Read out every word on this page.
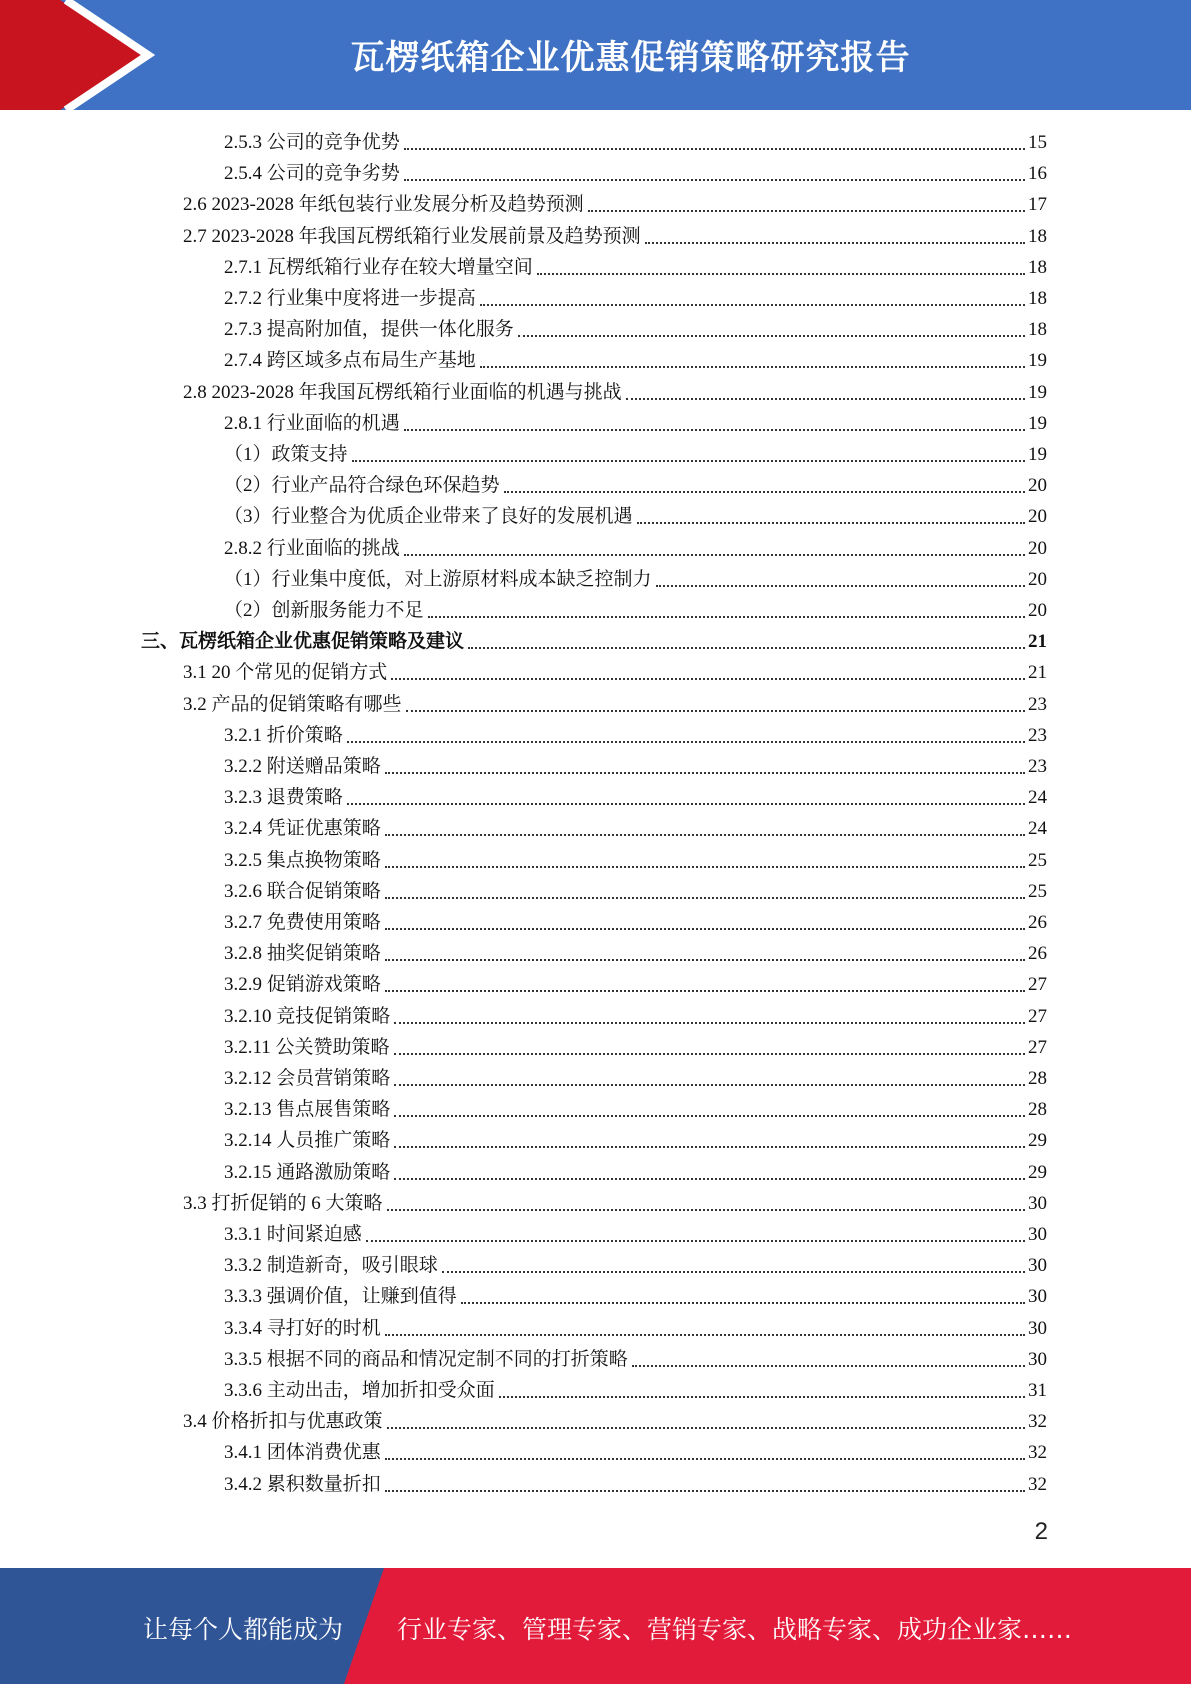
瓦楞纸箱企业优惠促销策略研究报告
2.5.3 公司的竞争优势	15
2.5.4 公司的竞争劣势	16
2.6 2023-2028 年纸包装行业发展分析及趋势预测	17
2.7 2023-2028 年我国瓦楞纸箱行业发展前景及趋势预测	18
2.7.1 瓦楞纸箱行业存在较大增量空间	18
2.7.2 行业集中度将进一步提高	18
2.7.3 提高附加值，提供一体化服务	18
2.7.4 跨区域多点布局生产基地	19
2.8 2023-2028 年我国瓦楞纸箱行业面临的机遇与挑战	19
2.8.1 行业面临的机遇	19
（1）政策支持	19
（2）行业产品符合绿色环保趋势	20
（3）行业整合为优质企业带来了良好的发展机遇	20
2.8.2 行业面临的挑战	20
（1）行业集中度低，对上游原材料成本缺乏控制力	20
（2）创新服务能力不足	20
三、瓦楞纸箱企业优惠促销策略及建议	21
3.1 20 个常见的促销方式	21
3.2 产品的促销策略有哪些	23
3.2.1 折价策略	23
3.2.2 附送赠品策略	23
3.2.3 退费策略	24
3.2.4 凭证优惠策略	24
3.2.5 集点换物策略	25
3.2.6 联合促销策略	25
3.2.7 免费使用策略	26
3.2.8 抽奖促销策略	26
3.2.9 促销游戏策略	27
3.2.10 竞技促销策略	27
3.2.11 公关赞助策略	27
3.2.12 会员营销策略	28
3.2.13 售点展售策略	28
3.2.14 人员推广策略	29
3.2.15 通路激励策略	29
3.3 打折促销的 6 大策略	30
3.3.1 时间紧迫感	30
3.3.2 制造新奇，吸引眼球	30
3.3.3 强调价值，让赚到值得	30
3.3.4 寻打好的时机	30
3.3.5 根据不同的商品和情况定制不同的打折策略	30
3.3.6 主动出击，增加折扣受众面	31
3.4 价格折扣与优惠政策	32
3.4.1 团体消费优惠	32
3.4.2 累积数量折扣	32
2
让每个人都能成为 行业专家、管理专家、营销专家、战略专家、成功企业家……
